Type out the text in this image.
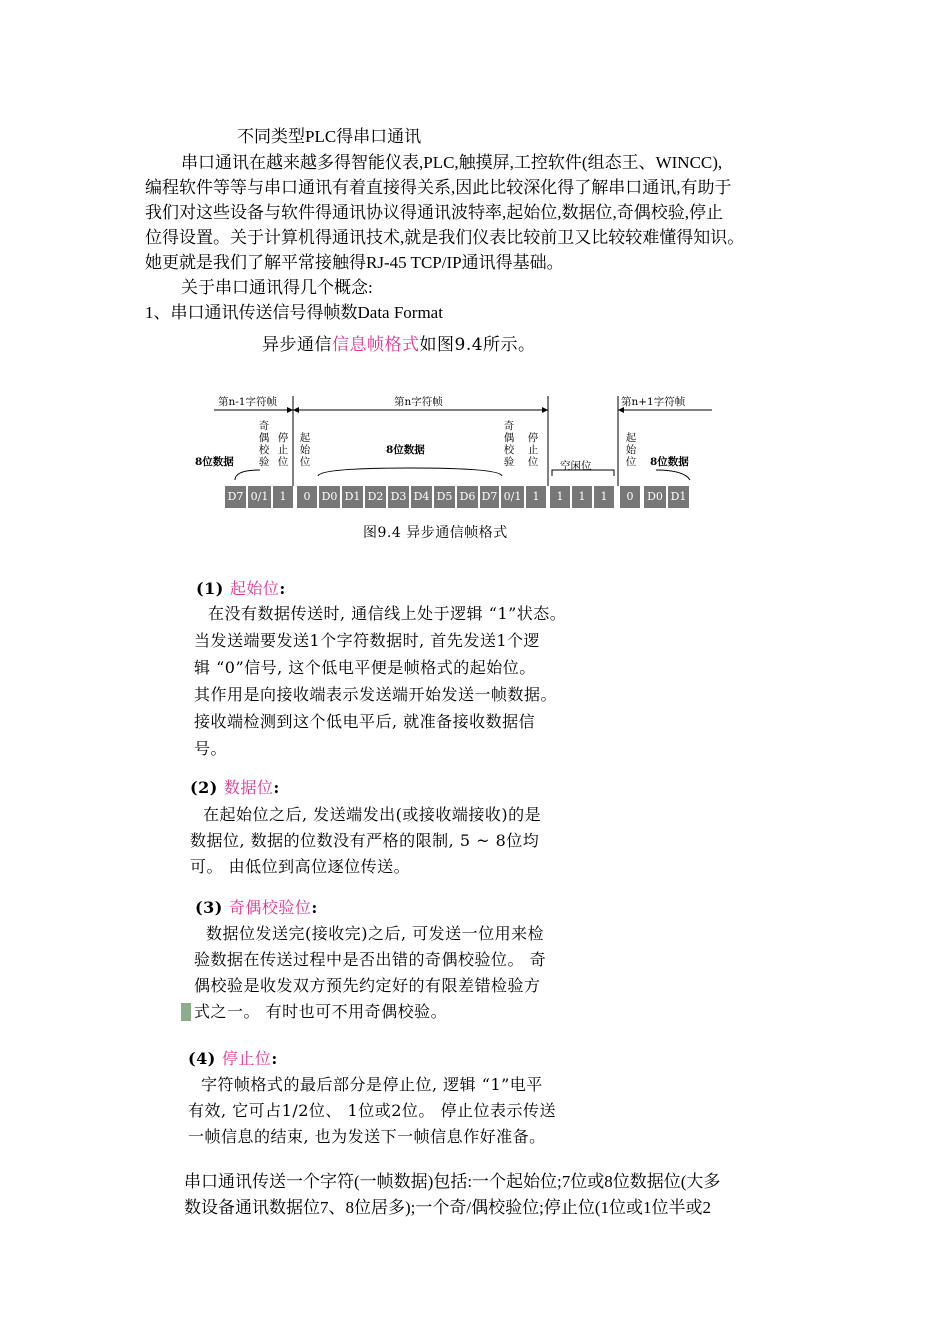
不同类型PLC得串口通讯
串口通讯在越来越多得智能仪表,PLC,触摸屏,工控软件(组态王、WINCC),
编程软件等等与串口通讯有着直接得关系,因此比较深化得了解串口通讯,有助于
我们对这些设备与软件得通讯协议得通讯波特率,起始位,数据位,奇偶校验,停止
位得设置。关于计算机得通讯技术,就是我们仪表比较前卫又比较较难懂得知识。
她更就是我们了解平常接触得RJ-45 TCP/IP通讯得基础。
关于串口通讯得几个概念:
1、串口通讯传送信号得帧数Data Format
异步通信信息帧格式如图9.4所示。
第n-1字符帧	第n字符帧	第n+1字符帧
奇偶校验
停止位
起始位
奇偶校验
停止位
起始位
8位数据
8位数据
8位数据
空闲位
D7 0/1	1	0	D0 D1 D2 D3 D4 D5 D6 D7 0/1	1	1	1	1	0	D0 D1
图9.4 异步通信帧格式
(1) 起始位:
在没有数据传送时, 通信线上处于逻辑 “1”状态。
当发送端要发送1个字符数据时, 首先发送1个逻
辑 “0”信号, 这个低电平便是帧格式的起始位。
其作用是向接收端表示发送端开始发送一帧数据。
接收端检测到这个低电平后, 就准备接收数据信
号。
(2) 数据位:
在起始位之后, 发送端发出(或接收端接收)的是
数据位, 数据的位数没有严格的限制, 5 ~ 8位均
可。 由低位到高位逐位传送。
(3) 奇偶校验位:
数据位发送完(接收完)之后, 可发送一位用来检
验数据在传送过程中是否出错的奇偶校验位。 奇
偶校验是收发双方预先约定好的有限差错检验方
式之一。 有时也可不用奇偶校验。
(4) 停止位:
字符帧格式的最后部分是停止位, 逻辑 “1”电平
有效, 它可占1/2位、 1位或2位。 停止位表示传送
一帧信息的结束, 也为发送下一帧信息作好准备。
串口通讯传送一个字符(一帧数据)包括:一个起始位;7位或8位数据位(大多
数设备通讯数据位7、8位居多);一个奇/偶校验位;停止位(1位或1位半或2
